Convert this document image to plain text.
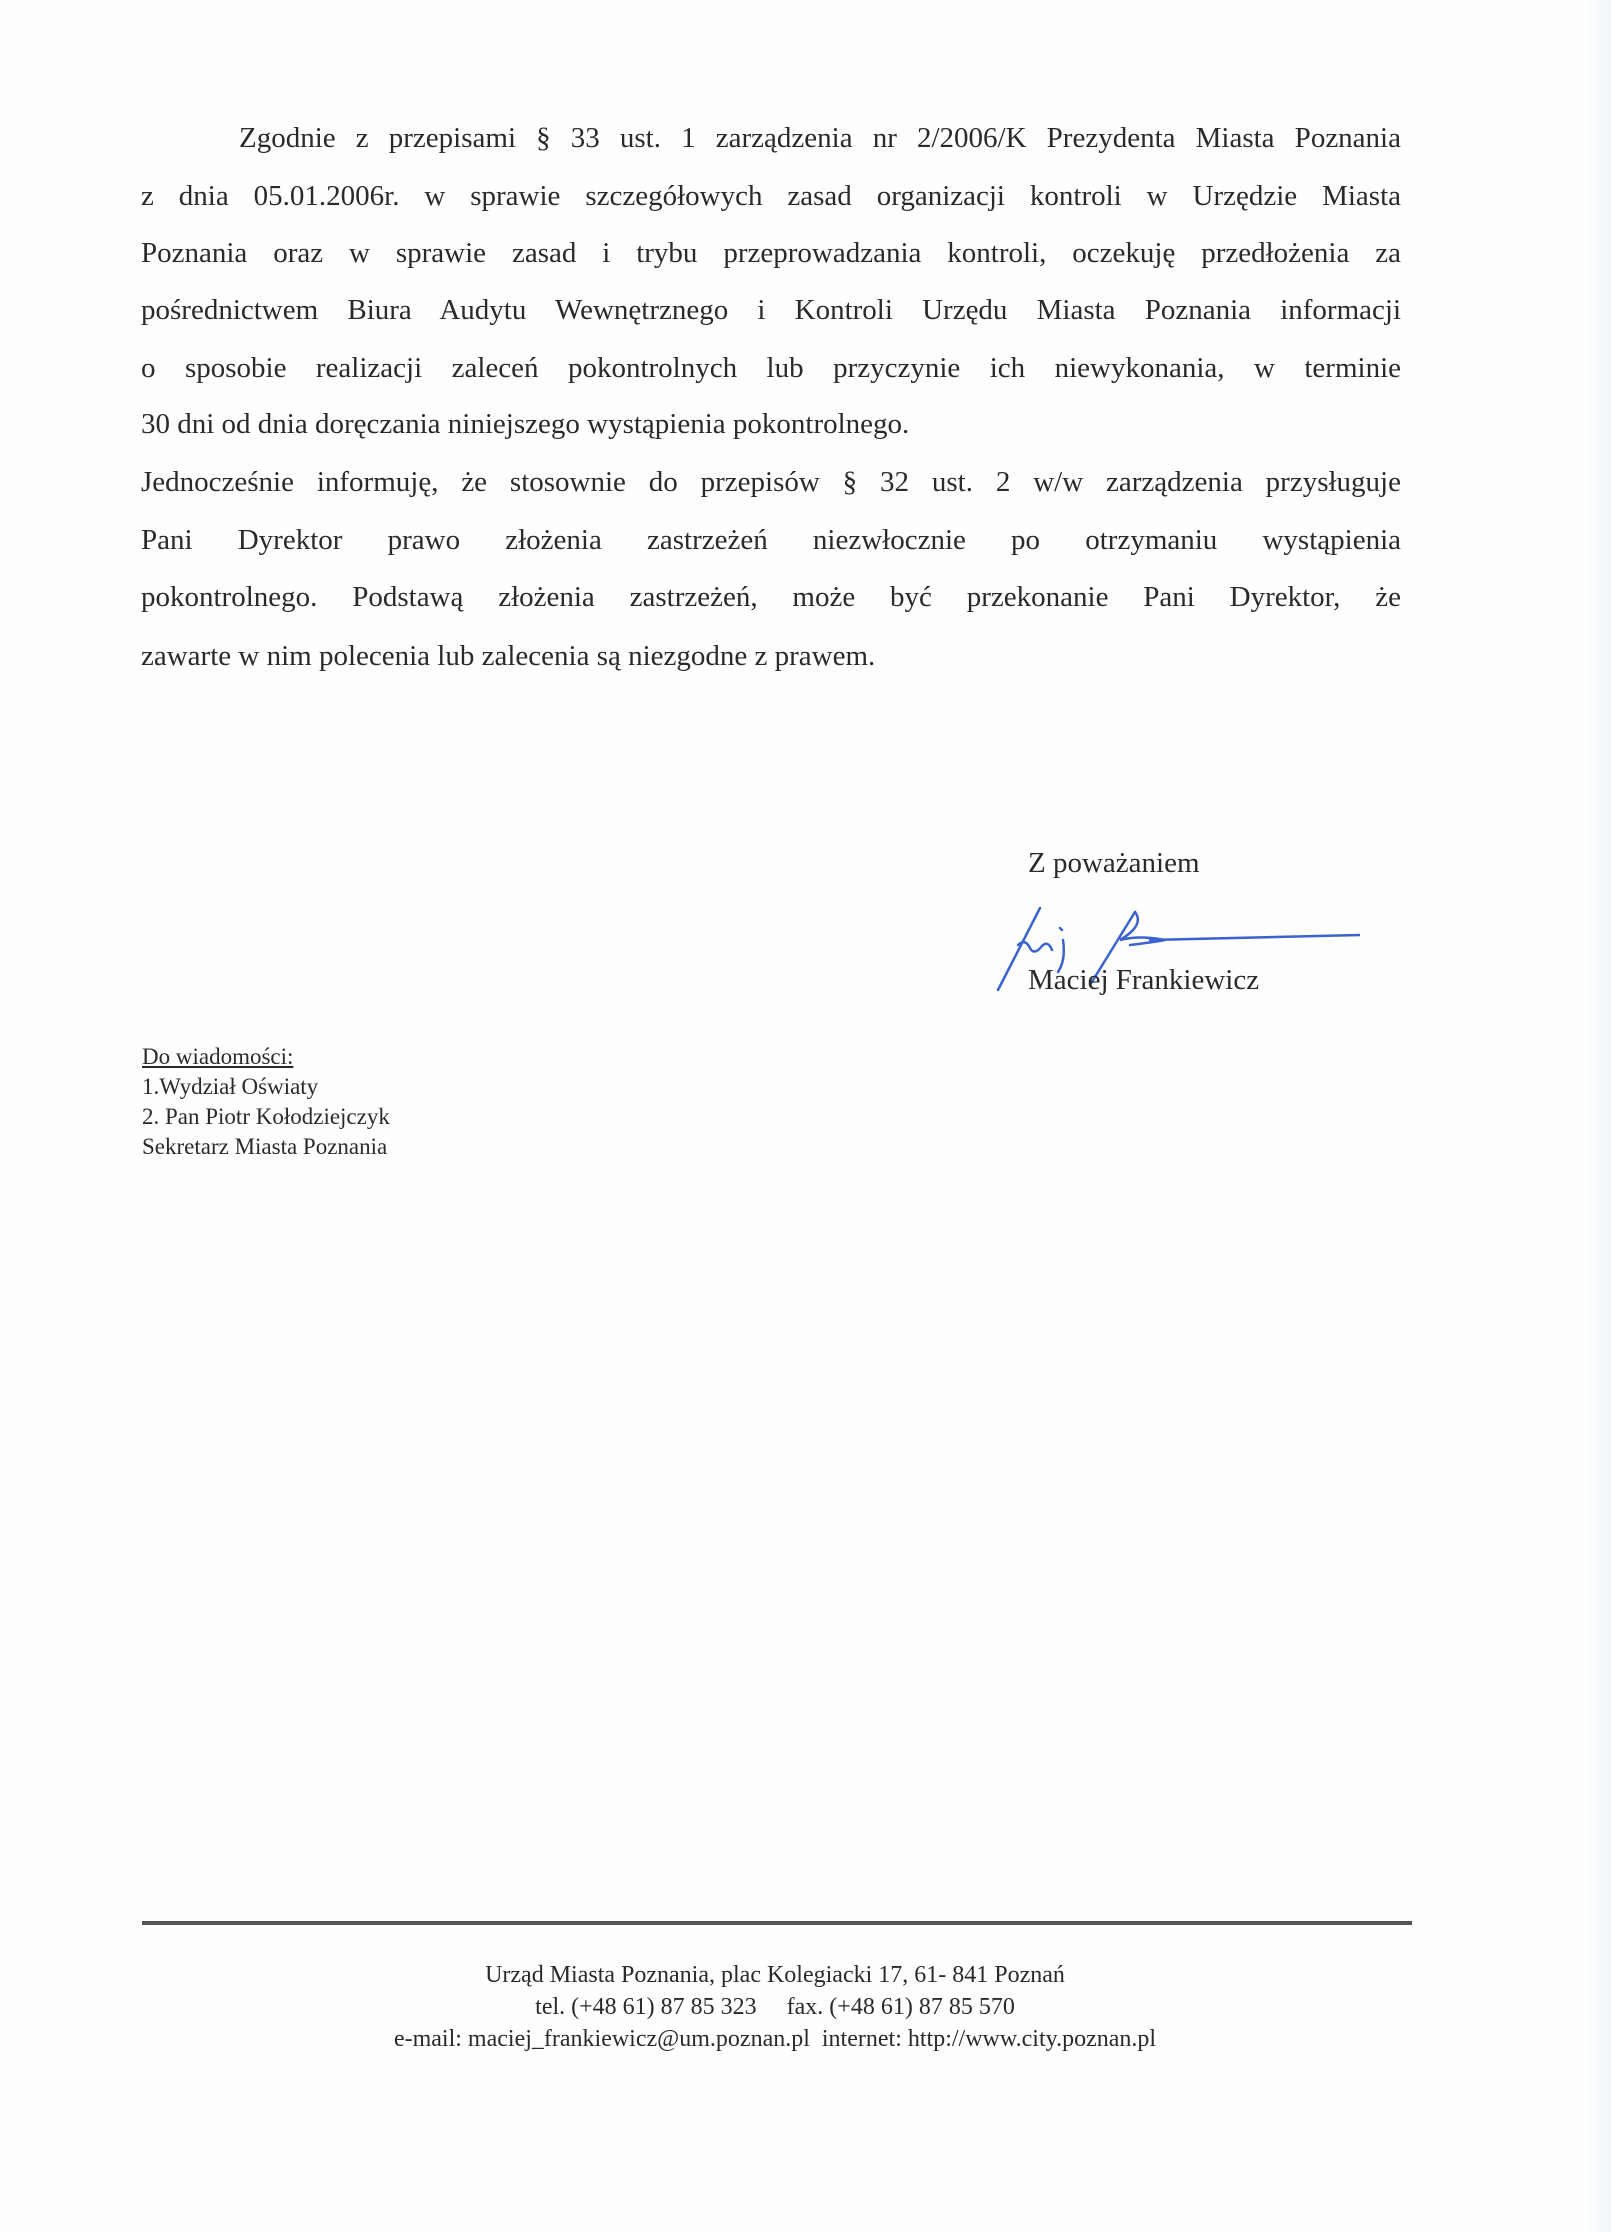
Zgodnie z przepisami § 33 ust. 1 zarządzenia nr 2/2006/K Prezydenta Miasta Poznania
z dnia 05.01.2006r. w sprawie szczegółowych zasad organizacji kontroli w Urzędzie Miasta
Poznania oraz w sprawie zasad i trybu przeprowadzania kontroli, oczekuję przedłożenia za
pośrednictwem Biura Audytu Wewnętrznego i Kontroli Urzędu Miasta Poznania informacji
o sposobie realizacji zaleceń pokontrolnych lub przyczynie ich niewykonania, w terminie
30 dni od dnia doręczania niniejszego wystąpienia pokontrolnego.
Jednocześnie informuję, że stosownie do przepisów § 32 ust. 2 w/w zarządzenia przysługuje
Pani Dyrektor prawo złożenia zastrzeżeń niezwłocznie po otrzymaniu wystąpienia
pokontrolnego. Podstawą złożenia zastrzeżeń, może być przekonanie Pani Dyrektor, że
zawarte w nim polecenia lub zalecenia są niezgodne z prawem.
Z poważaniem
Maciej Frankiewicz
Do wiadomości:
1.Wydział Oświaty
2. Pan Piotr Kołodziejczyk
Sekretarz Miasta Poznania
Urząd Miasta Poznania, plac Kolegiacki 17, 61- 841 Poznań
tel. (+48 61) 87 85 323     fax. (+48 61) 87 85 570
e-mail: maciej_frankiewicz@um.poznan.pl  internet: http://www.city.poznan.pl
